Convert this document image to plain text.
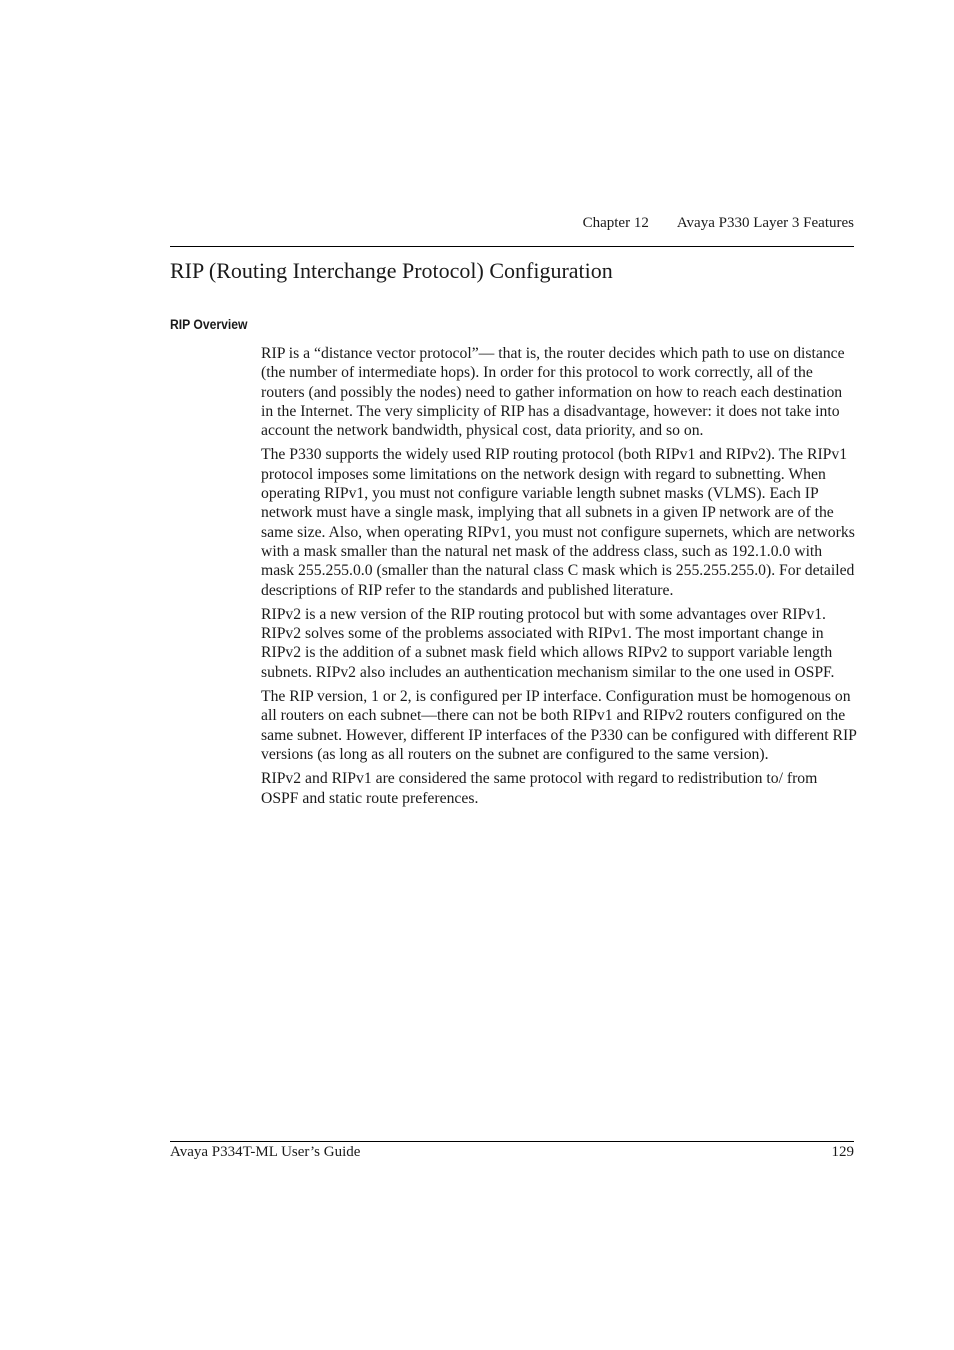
Chapter 12 Avaya P330 Layer 3 Features
RIP (Routing Interchange Protocol) Configuration
RIP Overview

RIP is a “distance vector protocol”— that is, the router decides which path to use on distance (the number of intermediate hops). In order for this protocol to work correctly, all of the routers (and possibly the nodes) need to gather information on how to reach each destination in the Internet. The very simplicity of RIP has a disadvantage, however: it does not take into account the network bandwidth, physical cost, data priority, and so on.

The P330 supports the widely used RIP routing protocol (both RIPv1 and RIPv2). The RIPv1 protocol imposes some limitations on the network design with regard to subnetting. When operating RIPv1, you must not configure variable length subnet masks (VLMS). Each IP network must have a single mask, implying that all subnets in a given IP network are of the same size. Also, when operating RIPv1, you must not configure supernets, which are networks with a mask smaller than the natural net mask of the address class, such as 192.1.0.0 with mask 255.255.0.0 (smaller than the natural class C mask which is 255.255.255.0). For detailed descriptions of RIP refer to the standards and published literature.

RIPv2 is a new version of the RIP routing protocol but with some advantages over RIPv1. RIPv2 solves some of the problems associated with RIPv1. The most important change in RIPv2 is the addition of a subnet mask field which allows RIPv2 to support variable length subnets. RIPv2 also includes an authentication mechanism similar to the one used in OSPF.

The RIP version, 1 or 2, is configured per IP interface. Configuration must be homogenous on all routers on each subnet—there can not be both RIPv1 and RIPv2 routers configured on the same subnet. However, different IP interfaces of the P330 can be configured with different RIP versions (as long as all routers on the subnet are configured to the same version).

RIPv2 and RIPv1 are considered the same protocol with regard to redistribution to/ from OSPF and static route preferences.

Avaya P334T-ML User’s Guide	129
